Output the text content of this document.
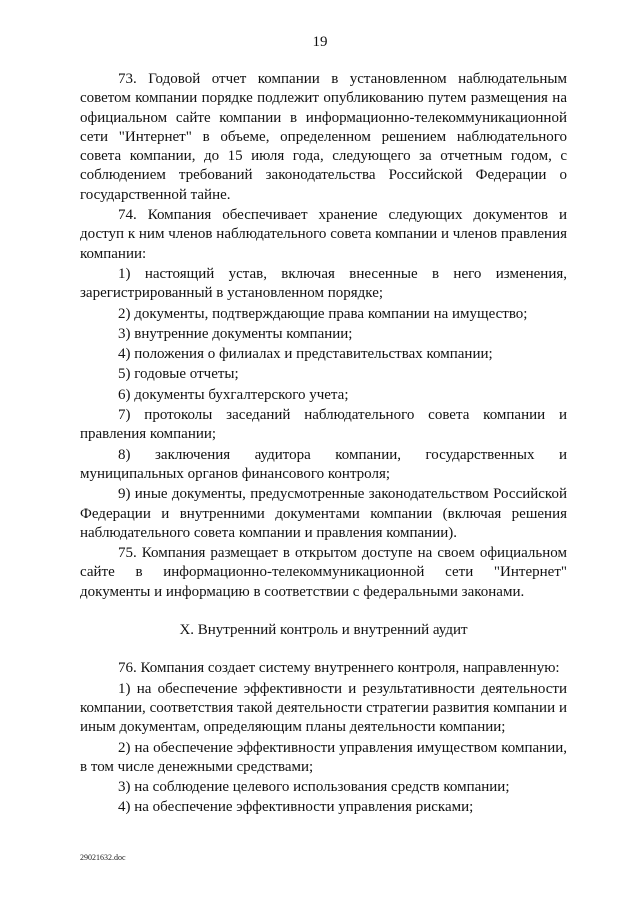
19

73. Годовой отчет компании в установленном наблюдательным советом компании порядке подлежит опубликованию путем размещения на официальном сайте компании в информационно-телекоммуникационной сети "Интернет" в объеме, определенном решением наблюдательного совета компании, до 15 июля года, следующего за отчетным годом, с соблюдением требований законодательства Российской Федерации о государственной тайне.

74. Компания обеспечивает хранение следующих документов и доступ к ним членов наблюдательного совета компании и членов правления компании:

1) настоящий устав, включая внесенные в него изменения, зарегистрированный в установленном порядке;

2) документы, подтверждающие права компании на имущество;

3) внутренние документы компании;

4) положения о филиалах и представительствах компании;

5) годовые отчеты;

6) документы бухгалтерского учета;

7) протоколы заседаний наблюдательного совета компании и правления компании;

8) заключения аудитора компании, государственных и муниципальных органов финансового контроля;

9) иные документы, предусмотренные законодательством Российской Федерации и внутренними документами компании (включая решения наблюдательного совета компании и правления компании).

75. Компания размещает в открытом доступе на своем официальном сайте в информационно-телекоммуникационной сети "Интернет" документы и информацию в соответствии с федеральными законами.

X. Внутренний контроль и внутренний аудит

76. Компания создает систему внутреннего контроля, направленную:

1) на обеспечение эффективности и результативности деятельности компании, соответствия такой деятельности стратегии развития компании и иным документам, определяющим планы деятельности компании;

2) на обеспечение эффективности управления имуществом компании, в том числе денежными средствами;

3) на соблюдение целевого использования средств компании;

4) на обеспечение эффективности управления рисками;

29021632.doc
